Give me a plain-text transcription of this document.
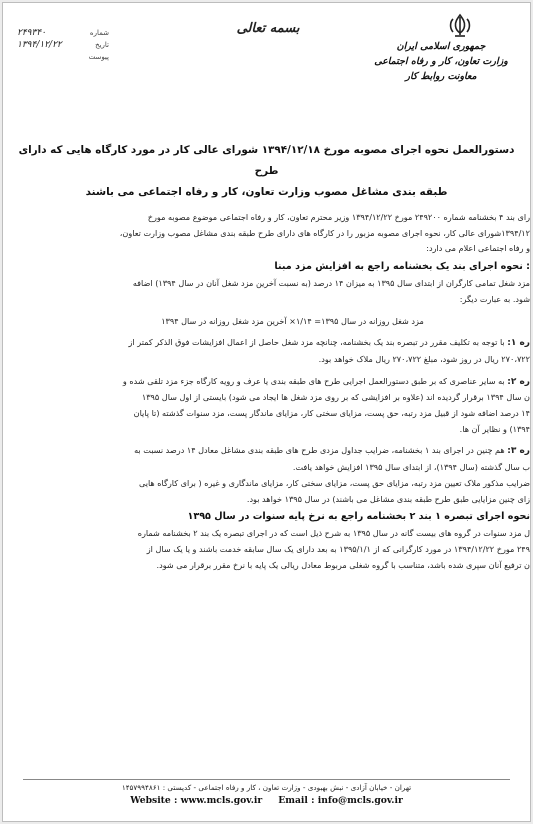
جمهوری اسلامی ایران
وزارت تعاون، کار و رفاه اجتماعی
معاونت روابط کار
بسمه تعالی
۲۴۹۳۴۰	شماره
۱۳۹۴/۱۲/۲۲	تاریخ
پیوست
دستورالعمل نحوه اجرای مصوبه مورخ ۱۳۹۴/۱۲/۱۸ شورای عالی کار در مورد کارگاه هایی که دارای طرح
طبقه بندی مشاغل مصوب وزارت تعاون، کار و رفاه اجتماعی می باشند

رای بند ۴ بخشنامه شماره ۲۴۹۲۰۰ مورخ ۱۳۹۴/۱۲/۲۲ وزیر محترم تعاون، کار و رفاه اجتماعی موضوع مصوبه مورخ

۱۳۹۴/۱۲شورای عالی کار، نحوه اجرای مصوبه مزبور را در کارگاه های دارای طرح طبقه بندی مشاغل مصوب وزارت تعاون،

و رفاه اجتماعی اعلام می دارد:

: نحوه اجرای بند یک بخشنامه راجع به افزایش مزد مبنا

مزد شغل تمامی کارگران از ابتدای سال ۱۳۹۵ به میزان ۱۴ درصد (به نسبت آخرین مزد شغل آنان در سال ۱۳۹۴) اضافه

شود. به عبارت دیگر:

مزد شغل روزانه در سال ۱۳۹۵= ۱/۱۴× آخرین مزد شغل روزانه در سال ۱۳۹۴

ره ۱: با توجه به تکلیف مقرر در تبصره بند یک بخشنامه، چنانچه مزد شغل حاصل از اعمال افزایشات فوق الذکر کمتر از

۲۷۰،۷۲۲ ریال در روز شود، مبلغ ۲۷۰،۷۲۲ ریال ملاک خواهد بود.

ره ۲: به سایر عناصری که بر طبق دستورالعمل اجرایی طرح های طبقه بندی یا عرف و رویه کارگاه جزء مزد تلقی شده و

ن سال ۱۳۹۴ برقرار گردیده اند (علاوه بر افزایشی که بر روی مزد شغل ها ایجاد می شود) بایستی از اول سال ۱۳۹۵

۱۴ درصد اضافه شود از قبیل مزد رتبه، حق پست، مزایای سختی کار، مزایای ماندگار پست، مزد سنوات گذشته (تا پایان

۱۳۹۴) و نظایر آن ها.

ره ۳: هم چنین در اجرای بند ۱ بخشنامه، ضرایب جداول مزدی طرح های طبقه بندی مشاغل معادل ۱۴ درصد نسبت به

ب سال گذشته (سال ۱۳۹۴)، از ابتدای سال ۱۳۹۵ افزایش خواهد یافت.

ضرایب مذکور ملاک تعیین مزد رتبه، مزایای حق پست، مزایای سختی کار، مزایای ماندگاری و غیره ( برای کارگاه هایی

زای چنین مزایایی طبق طرح طبقه بندی مشاغل می باشند) در سال ۱۳۹۵ خواهد بود.

نحوه اجرای تبصره ۱ بند ۲ بخشنامه راجع به نرخ پایه سنوات در سال ۱۳۹۵

ل مزد سنوات در گروه های بیست گانه در سال ۱۳۹۵ به شرح ذیل است که در اجرای تبصره یک بند ۲ بخشنامه شماره

۲۴۹ مورخ ۱۳۹۴/۱۲/۲۲ در مورد کارگرانی که از ۱۳۹۵/۱/۱ به بعد دارای یک سال سابقه خدمت باشند و یا یک سال از

ن ترفیع آنان سپری شده باشد، متناسب با گروه شغلی مربوط معادل ریالی یک پایه با نرخ مقرر برقرار می شود.

تهران - خیابان آزادی - نبش بهبودی - وزارت تعاون ، کار و رفاه اجتماعی - کدپستی : ۱۴۵۷۹۹۴۸۶۱
Website : www.mcls.gov.ir Email : info@mcls.gov.ir
